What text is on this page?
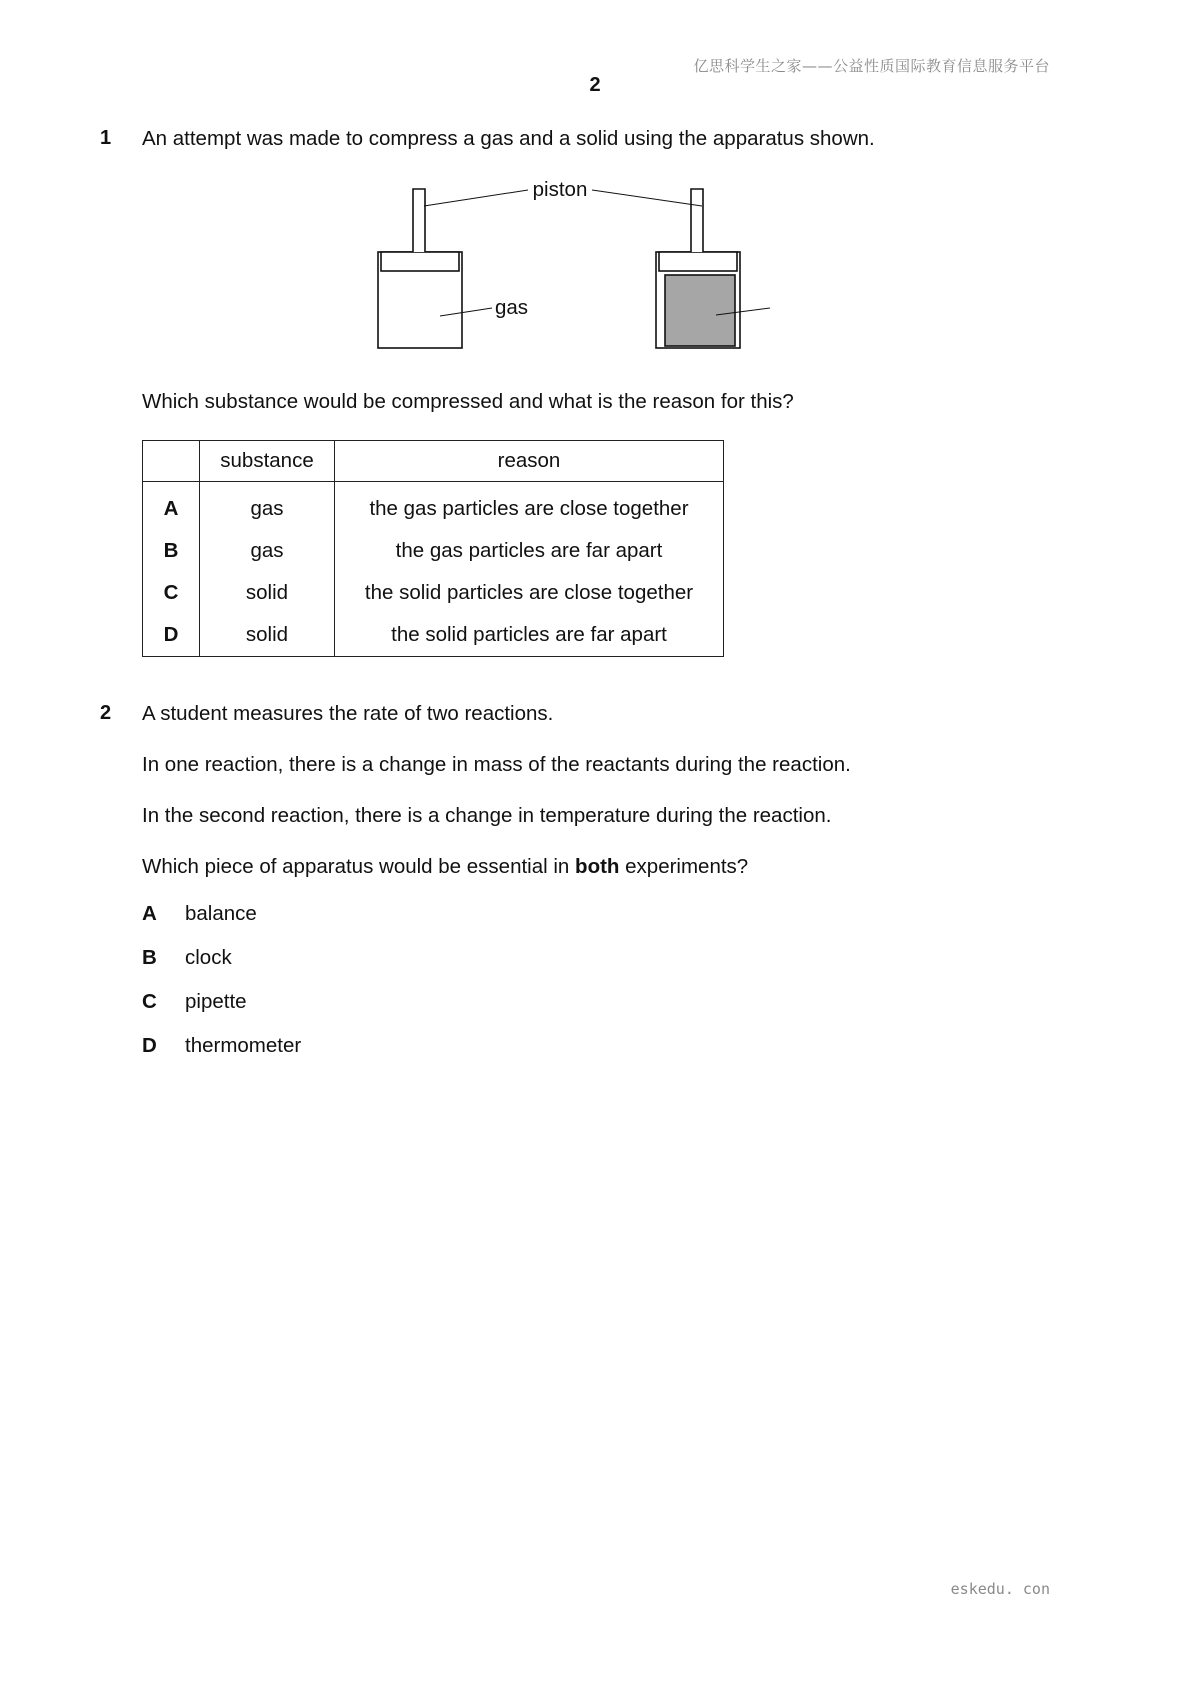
亿思科学生之家——公益性质国际教育信息服务平台
2
1 An attempt was made to compress a gas and a solid using the apparatus shown.
piston
gas
Which substance would be compressed and what is the reason for this?
	substance	reason
A	gas	the gas particles are close together
B	gas	the gas particles are far apart
C	solid	the solid particles are close together
D	solid	the solid particles are far apart
2 A student measures the rate of two reactions.
In one reaction, there is a change in mass of the reactants during the reaction.
In the second reaction, there is a change in temperature during the reaction.
Which piece of apparatus would be essential in both experiments?
A balance
B clock
C pipette
D thermometer
eskedu. con
